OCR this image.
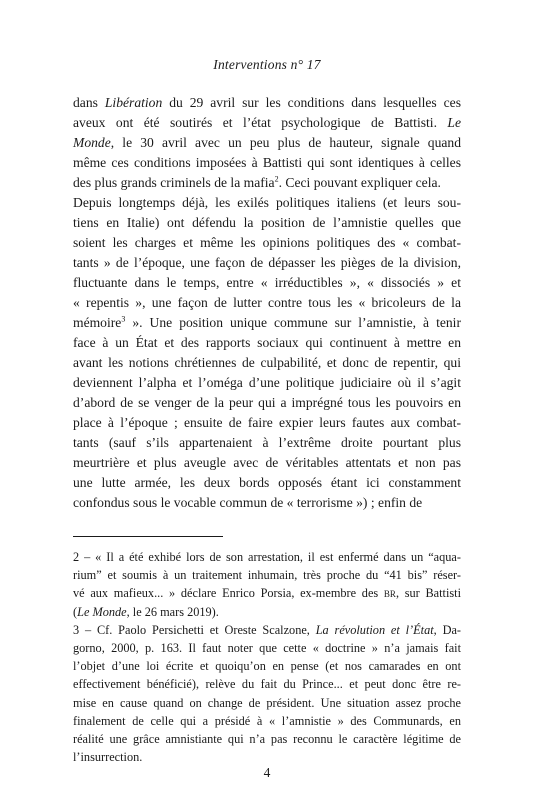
Interventions n° 17
dans Libération du 29 avril sur les conditions dans lesquelles ces
aveux ont été soutirés et l’état psychologique de Battisti. Le
Monde, le 30 avril avec un peu plus de hauteur, signale quand
même ces conditions imposées à Battisti qui sont identiques à celles
des plus grands criminels de la mafia$^2$. Ceci pouvant expliquer cela.
Depuis longtemps déjà, les exilés politiques italiens (et leurs sou-
tiens en Italie) ont défendu la position de l’amnistie quelles que
soient les charges et même les opinions politiques des « combat-
tants » de l’époque, une façon de dépasser les pièges de la division,
fluctuante dans le temps, entre « irréductibles », « dissociés » et
« repentis », une façon de lutter contre tous les « bricoleurs de la
mémoire$^3$ ». Une position unique commune sur l’amnistie, à tenir
face à un État et des rapports sociaux qui continuent à mettre en
avant les notions chrétiennes de culpabilité, et donc de repentir, qui
deviennent l’alpha et l’oméga d’une politique judiciaire où il s’agit
d’abord de se venger de la peur qui a imprégné tous les pouvoirs en
place à l’époque ; ensuite de faire expier leurs fautes aux combat-
tants (sauf s’ils appartenaient à l’extrême droite pourtant plus
meurtrière et plus aveugle avec de véritables attentats et non pas
une lutte armée, les deux bords opposés étant ici constamment
confondus sous le vocable commun de « terrorisme ») ; enfin de
2 – « Il a été exhibé lors de son arrestation, il est enfermé dans un “aqua-
rium” et soumis à un traitement inhumain, très proche du “41 bis” réser-
vé aux mafieux... » déclare Enrico Porsia, ex-membre des br, sur Battisti
(Le Monde, le 26 mars 2019).
3 – Cf. Paolo Persichetti et Oreste Scalzone, La révolution et l’État, Da-
gorno, 2000, p. 163. Il faut noter que cette « doctrine » n’a jamais fait
l’objet d’une loi écrite et quoiqu’on en pense (et nos camarades en ont
effectivement bénéficié), relève du fait du Prince... et peut donc être re-
mise en cause quand on change de président. Une situation assez proche
finalement de celle qui a présidé à « l’amnistie » des Communards, en
réalité une grâce amnistiante qui n’a pas reconnu le caractère légitime de
l’insurrection.
4
